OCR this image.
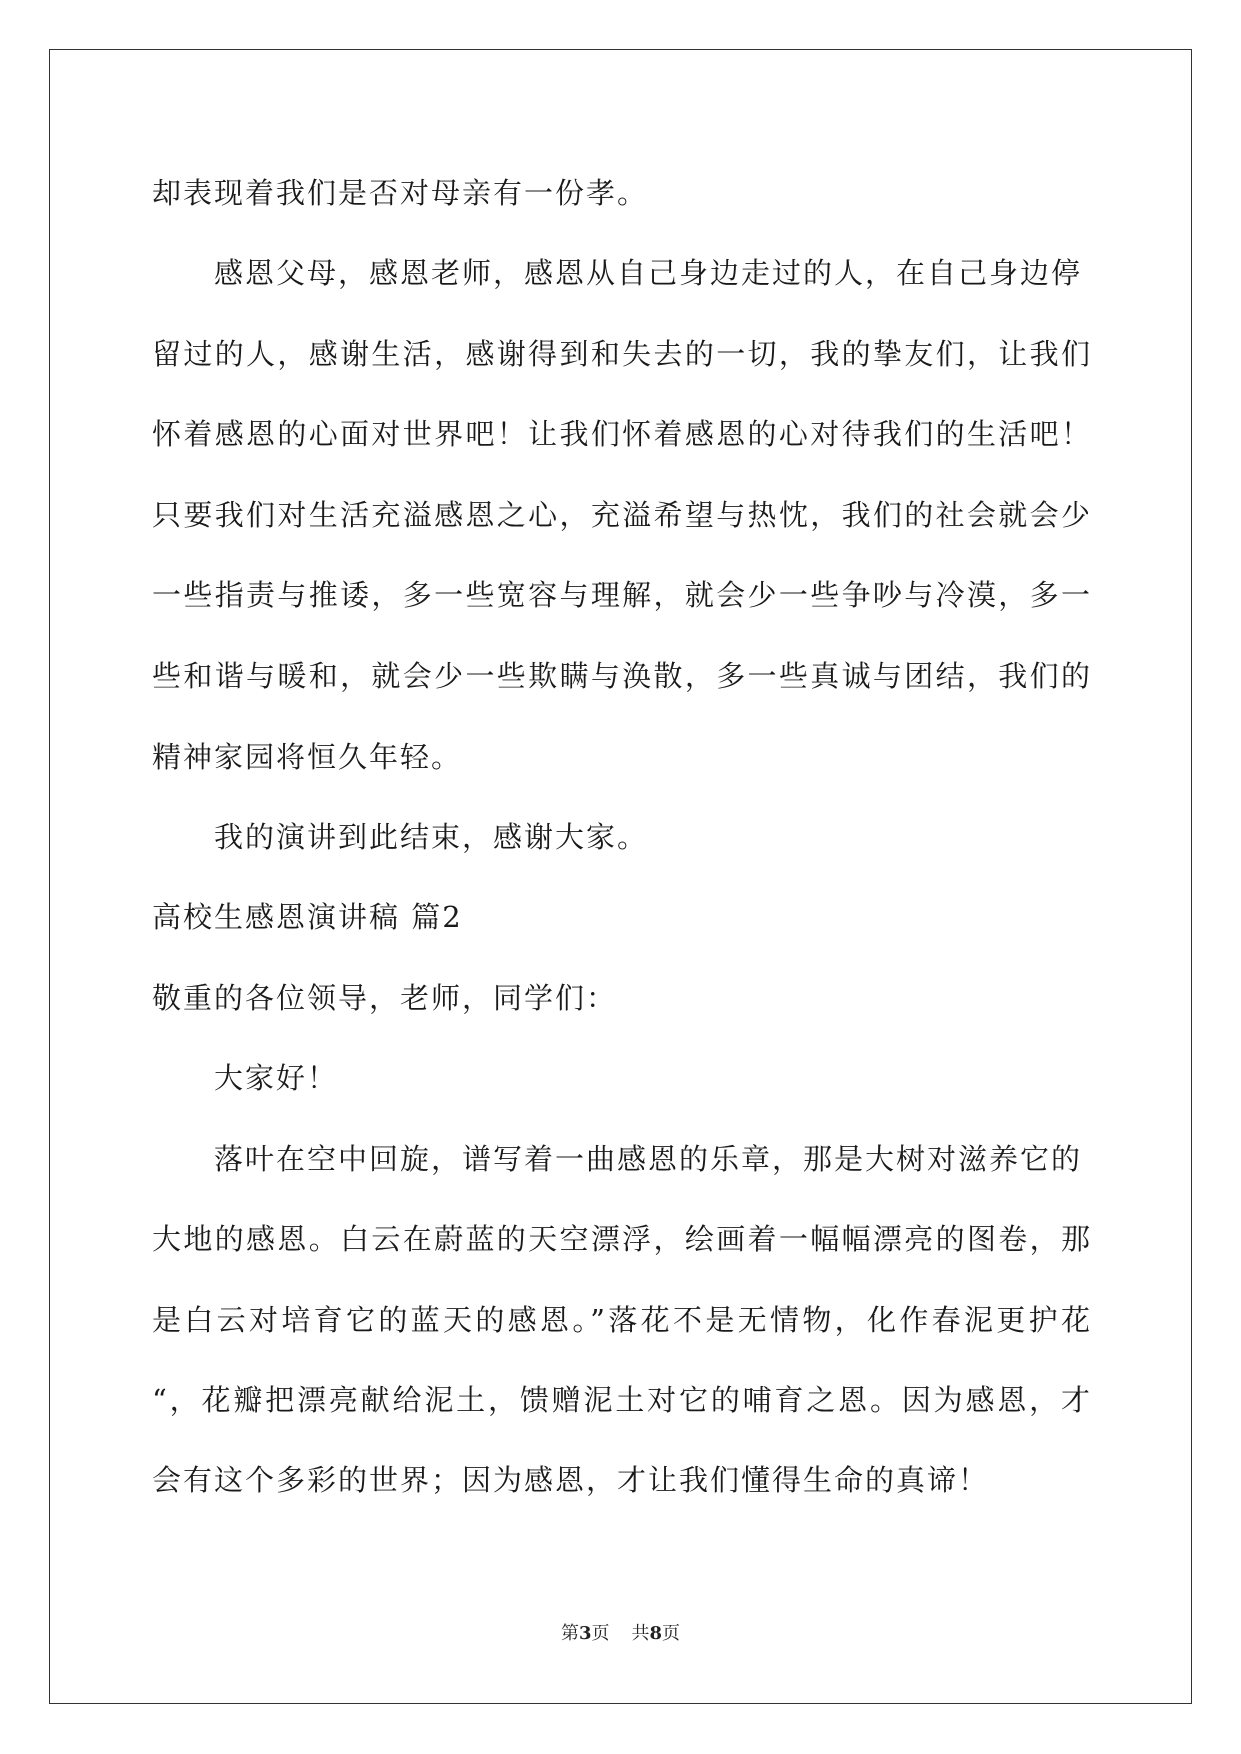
却表现着我们是否对母亲有一份孝。
感恩父母，感恩老师，感恩从自己身边走过的人，在自己身边停
留过的人，感谢生活，感谢得到和失去的一切，我的挚友们，让我们
怀着感恩的心面对世界吧！让我们怀着感恩的心对待我们的生活吧！
只要我们对生活充溢感恩之心，充溢希望与热忱，我们的社会就会少
一些指责与推诿，多一些宽容与理解，就会少一些争吵与冷漠，多一
些和谐与暖和，就会少一些欺瞒与涣散，多一些真诚与团结，我们的
精神家园将恒久年轻。
我的演讲到此结束，感谢大家。
高校生感恩演讲稿 篇2
敬重的各位领导，老师，同学们：
大家好！
落叶在空中回旋，谱写着一曲感恩的乐章，那是大树对滋养它的
大地的感恩。白云在蔚蓝的天空漂浮，绘画着一幅幅漂亮的图卷，那
是白云对培育它的蓝天的感恩。”落花不是无情物，化作春泥更护花
“，花瓣把漂亮献给泥土，馈赠泥土对它的哺育之恩。因为感恩，才
会有这个多彩的世界；因为感恩，才让我们懂得生命的真谛！
第3页 共8页
